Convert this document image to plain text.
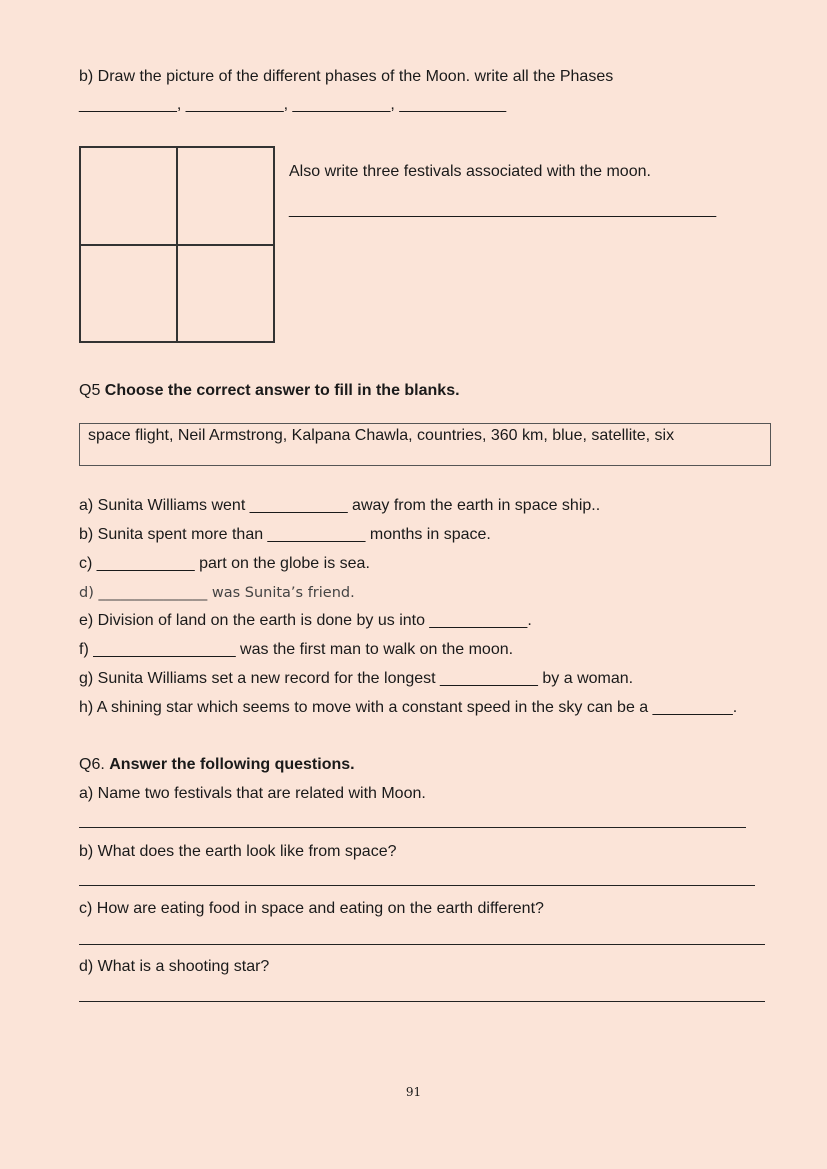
b) Draw the picture of the different phases of the Moon. write all the Phases
___________, ___________, ___________, ____________
Also write three festivals associated with the moon.
________________________________________________
Q5 Choose the correct answer to fill in the blanks.
space flight, Neil Armstrong, Kalpana Chawla, countries, 360 km, blue, satellite, six
a) Sunita Williams went ___________ away from the earth in space ship..
b) Sunita spent more than ___________ months in space.
c) ___________ part on the globe is sea.
d) _______________ was Sunita’s friend.
e) Division of land on the earth is done by us into ___________.
f) ________________ was the first man to walk on the moon.
g) Sunita Williams set a new record for the longest ___________ by a woman.
h) A shining star which seems to move with a constant speed in the sky can be a _________.
Q6. Answer the following questions.
a) Name two festivals that are related with Moon.
b) What does the earth look like from space?
c) How are eating food in space and eating on the earth different?
d) What is a shooting star?
91
